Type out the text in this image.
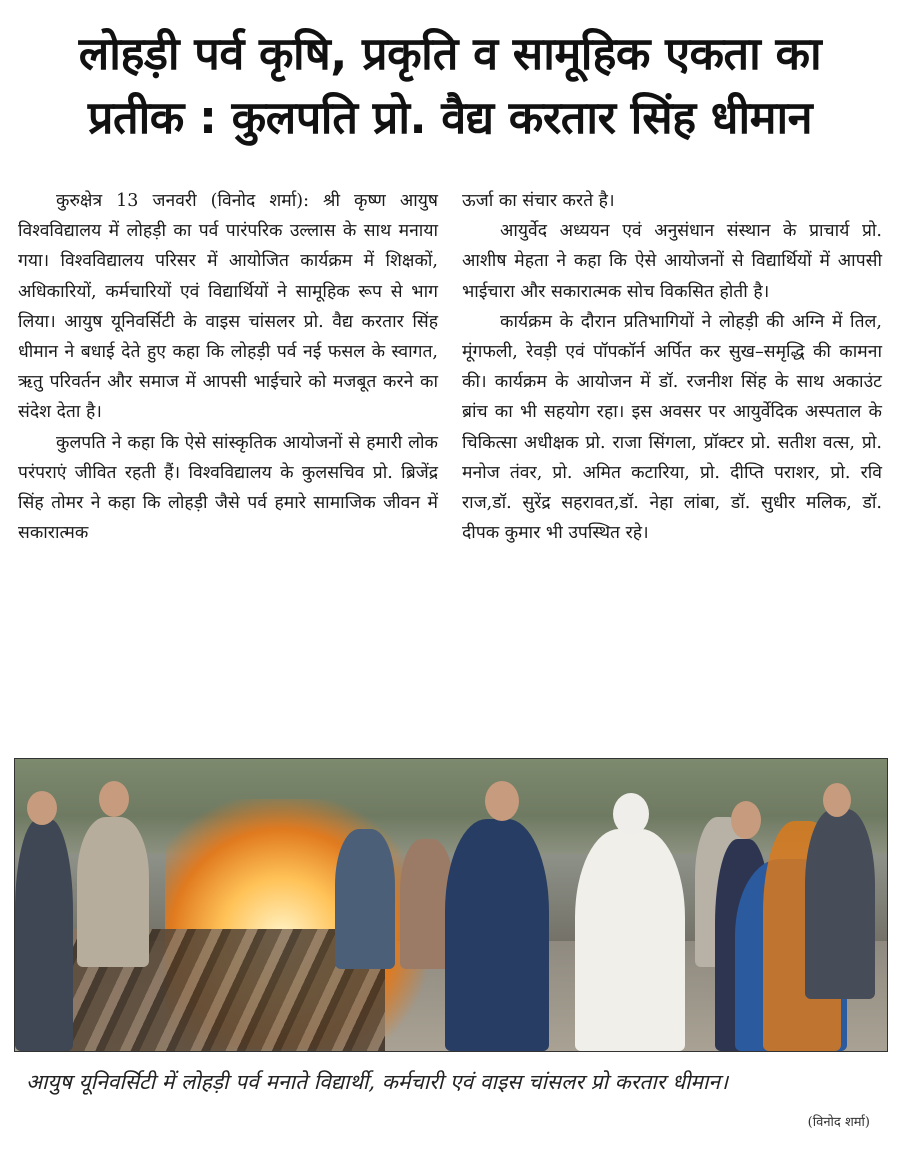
लोहड़ी पर्व कृषि, प्रकृति व सामूहिक एकता का
प्रतीक : कुलपति प्रो. वैद्य करतार सिंह धीमान

कुरुक्षेत्र 13 जनवरी (विनोद शर्मा): श्री कृष्ण आयुष विश्वविद्यालय में लोहड़ी का पर्व पारंपरिक उल्लास के साथ मनाया गया। विश्वविद्यालय परिसर में आयोजित कार्यक्रम में शिक्षकों, अधिकारियों, कर्मचारियों एवं विद्यार्थियों ने सामूहिक रूप से भाग लिया। आयुष यूनिवर्सिटी के वाइस चांसलर प्रो. वैद्य करतार सिंह धीमान ने बधाई देते हुए कहा कि लोहड़ी पर्व नई फसल के स्वागत, ऋतु परिवर्तन और समाज में आपसी भाईचारे को मजबूत करने का संदेश देता है।

कुलपति ने कहा कि ऐसे सांस्कृतिक आयोजनों से हमारी लोक परंपराएं जीवित रहती हैं। विश्वविद्यालय के कुलसचिव प्रो. ब्रिजेंद्र सिंह तोमर ने कहा कि लोहड़ी जैसे पर्व हमारे सामाजिक जीवन में सकारात्मक

ऊर्जा का संचार करते है।

आयुर्वेद अध्ययन एवं अनुसंधान संस्थान के प्राचार्य प्रो. आशीष मेहता ने कहा कि ऐसे आयोजनों से विद्यार्थियों में आपसी भाईचारा और सकारात्मक सोच विकसित होती है।

कार्यक्रम के दौरान प्रतिभागियों ने लोहड़ी की अग्नि में तिल, मूंगफली, रेवड़ी एवं पॉपकॉर्न अर्पित कर सुख–समृद्धि की कामना की। कार्यक्रम के आयोजन में डॉ. रजनीश सिंह के साथ अकाउंट ब्रांच का भी सहयोग रहा। इस अवसर पर आयुर्वेदिक अस्पताल के चिकित्सा अधीक्षक प्रो. राजा सिंगला, प्रॉक्टर प्रो. सतीश वत्स, प्रो. मनोज तंवर, प्रो. अमित कटारिया, प्रो. दीप्ति पराशर, प्रो. रवि राज,डॉ. सुरेंद्र सहरावत,डॉ. नेहा लांबा, डॉ. सुधीर मलिक, डॉ. दीपक कुमार भी उपस्थित रहे।

आयुष यूनिवर्सिटी में लोहड़ी पर्व मनाते विद्यार्थी, कर्मचारी एवं वाइस चांसलर प्रो करतार धीमान।
(विनोद शर्मा)
